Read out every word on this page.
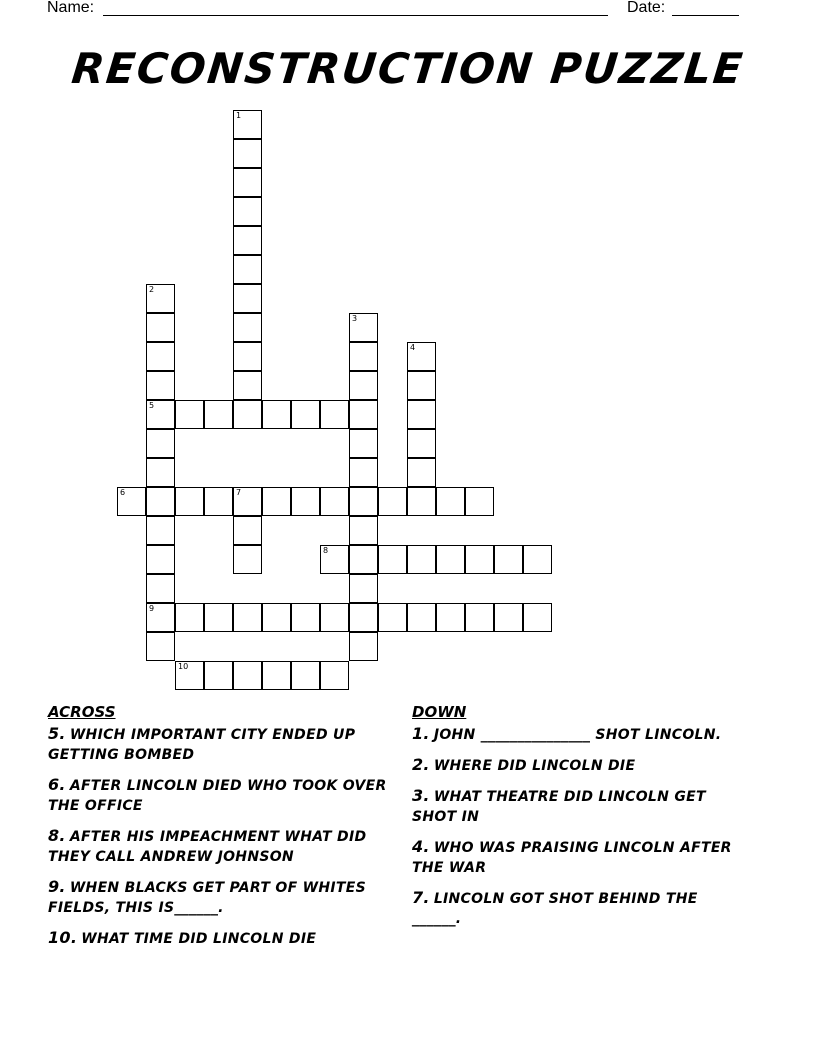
Name:	Date:
RECONSTRUCTION PUZZLE
1
2
5
9
3
4
6	7
8
10
ACROSS
5. WHICH IMPORTANT CITY ENDED UP GETTING BOMBED
6. AFTER LINCOLN DIED WHO TOOK OVER THE OFFICE
8. AFTER HIS IMPEACHMENT WHAT DID THEY CALL ANDREW JOHNSON
9. WHEN BLACKS GET PART OF WHITES FIELDS, THIS IS______.
10. WHAT TIME DID LINCOLN DIE
DOWN
1. JOHN _______________ SHOT LINCOLN.
2. WHERE DID LINCOLN DIE
3. WHAT THEATRE DID LINCOLN GET SHOT IN
4. WHO WAS PRAISING LINCOLN AFTER THE WAR
7. LINCOLN GOT SHOT BEHIND THE ______.
